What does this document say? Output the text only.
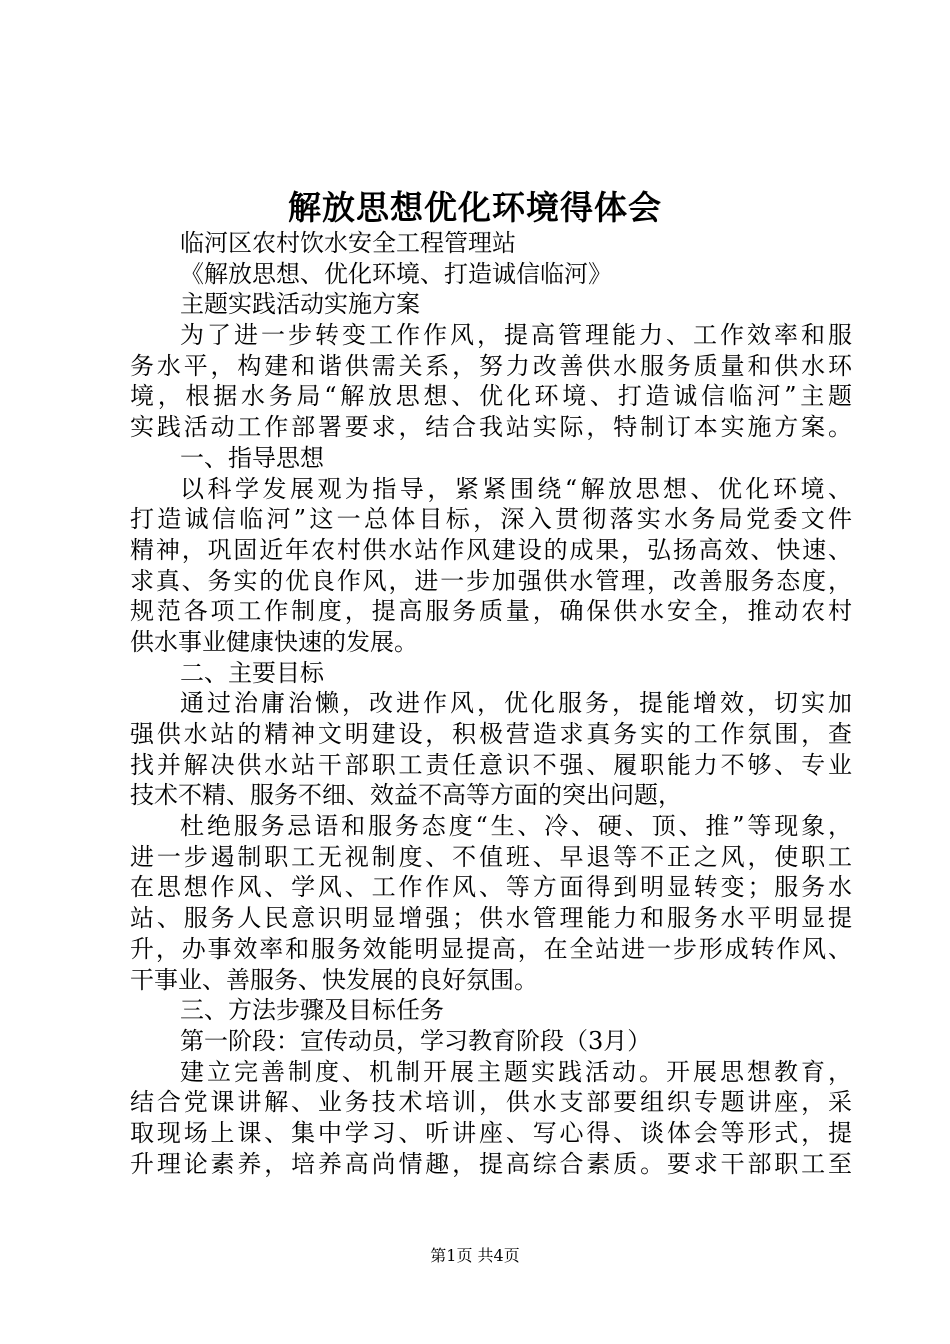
解放思想优化环境得体会
临河区农村饮水安全工程管理站
《解放思想、优化环境、打造诚信临河》
主题实践活动实施方案
为了进一步转变工作作风，提高管理能力、工作效率和服
务水平，构建和谐供需关系，努力改善供水服务质量和供水环
境，根据水务局“解放思想、优化环境、打造诚信临河”主题
实践活动工作部署要求，结合我站实际，特制订本实施方案。
一、指导思想
以科学发展观为指导，紧紧围绕“解放思想、优化环境、
打造诚信临河”这一总体目标，深入贯彻落实水务局党委文件
精神，巩固近年农村供水站作风建设的成果，弘扬高效、快速、
求真、务实的优良作风，进一步加强供水管理，改善服务态度，
规范各项工作制度，提高服务质量，确保供水安全，推动农村
供水事业健康快速的发展。
二、主要目标
通过治庸治懒，改进作风，优化服务，提能增效，切实加
强供水站的精神文明建设，积极营造求真务实的工作氛围，查
找并解决供水站干部职工责任意识不强、履职能力不够、专业
技术不精、服务不细、效益不高等方面的突出问题，
杜绝服务忌语和服务态度“生、冷、硬、顶、推”等现象，
进一步遏制职工无视制度、不值班、早退等不正之风，使职工
在思想作风、学风、工作作风、等方面得到明显转变；服务水
站、服务人民意识明显增强；供水管理能力和服务水平明显提
升，办事效率和服务效能明显提高，在全站进一步形成转作风、
干事业、善服务、快发展的良好氛围。
三、方法步骤及目标任务
第一阶段：宣传动员，学习教育阶段（3月）
建立完善制度、机制开展主题实践活动。开展思想教育，
结合党课讲解、业务技术培训，供水支部要组织专题讲座，采
取现场上课、集中学习、听讲座、写心得、谈体会等形式，提
升理论素养，培养高尚情趣，提高综合素质。要求干部职工至
第1页 共4页
